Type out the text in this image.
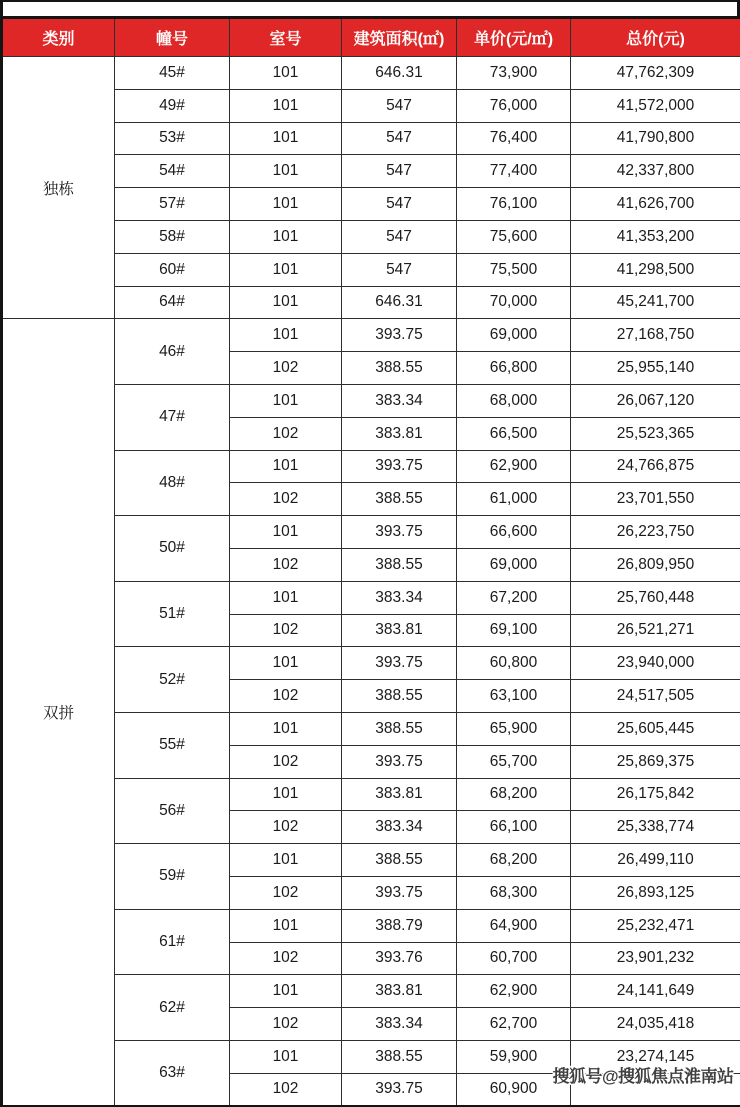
类别	幢号	室号	建筑面积(㎡)	单价(元/㎡)	总价(元)
独栋	45#	101	646.31	73,900	47,762,309
	49#	101	547	76,000	41,572,000
	53#	101	547	76,400	41,790,800
	54#	101	547	77,400	42,337,800
	57#	101	547	76,100	41,626,700
	58#	101	547	75,600	41,353,200
	60#	101	547	75,500	41,298,500
	64#	101	646.31	70,000	45,241,700
双拼	46#	101	393.75	69,000	27,168,750
		102	388.55	66,800	25,955,140
	47#	101	383.34	68,000	26,067,120
		102	383.81	66,500	25,523,365
	48#	101	393.75	62,900	24,766,875
		102	388.55	61,000	23,701,550
	50#	101	393.75	66,600	26,223,750
		102	388.55	69,000	26,809,950
	51#	101	383.34	67,200	25,760,448
		102	383.81	69,100	26,521,271
	52#	101	393.75	60,800	23,940,000
		102	388.55	63,100	24,517,505
	55#	101	388.55	65,900	25,605,445
		102	393.75	65,700	25,869,375
	56#	101	383.81	68,200	26,175,842
		102	383.34	66,100	25,338,774
	59#	101	388.55	68,200	26,499,110
		102	393.75	68,300	26,893,125
	61#	101	388.79	64,900	25,232,471
		102	393.76	60,700	23,901,232
	62#	101	383.81	62,900	24,141,649
		102	383.34	62,700	24,035,418
	63#	101	388.55	59,900	23,274,145
		102	393.75	60,900	
搜狐号@搜狐焦点淮南站
